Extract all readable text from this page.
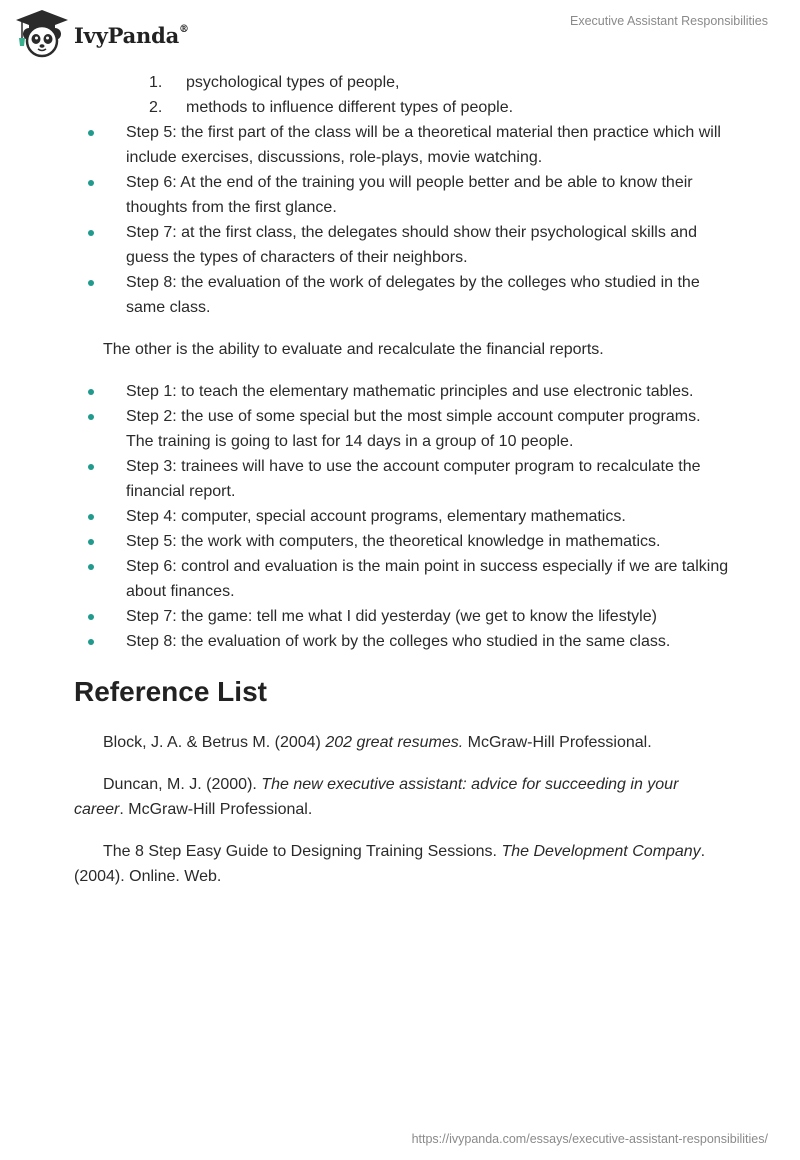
IvyPanda®
Executive Assistant Responsibilities
1. psychological types of people,
2. methods to influence different types of people.
Step 5: the first part of the class will be a theoretical material then practice which will include exercises, discussions, role-plays, movie watching.
Step 6: At the end of the training you will people better and be able to know their thoughts from the first glance.
Step 7: at the first class, the delegates should show their psychological skills and guess the types of characters of their neighbors.
Step 8: the evaluation of the work of delegates by the colleges who studied in the same class.

The other is the ability to evaluate and recalculate the financial reports.

Step 1: to teach the elementary mathematic principles and use electronic tables.
Step 2: the use of some special but the most simple account computer programs. The training is going to last for 14 days in a group of 10 people.
Step 3: trainees will have to use the account computer program to recalculate the financial report.
Step 4: computer, special account programs, elementary mathematics.
Step 5: the work with computers, the theoretical knowledge in mathematics.
Step 6: control and evaluation is the main point in success especially if we are talking about finances.
Step 7: the game: tell me what I did yesterday (we get to know the lifestyle)
Step 8: the evaluation of work by the colleges who studied in the same class.
Reference List

Block, J. A. & Betrus M. (2004) 202 great resumes. McGraw-Hill Professional.

Duncan, M. J. (2000). The new executive assistant: advice for succeeding in your career. McGraw-Hill Professional.

The 8 Step Easy Guide to Designing Training Sessions. The Development Company. (2004). Online. Web.

https://ivypanda.com/essays/executive-assistant-responsibilities/
